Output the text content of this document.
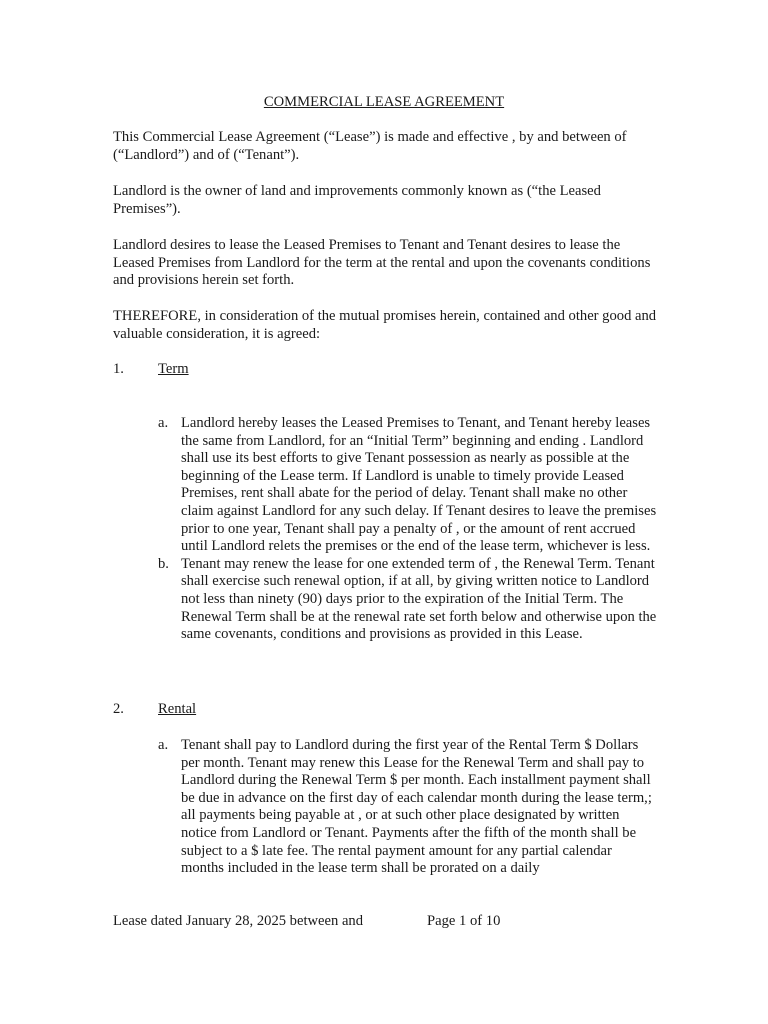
COMMERCIAL LEASE AGREEMENT

This Commercial Lease Agreement (“Lease”) is made and effective , by and between of (“Landlord”) and of (“Tenant”).

Landlord is the owner of land and improvements commonly known as (“the Leased Premises”).

Landlord desires to lease the Leased Premises to Tenant and Tenant desires to lease the Leased Premises from Landlord for the term at the rental and upon the covenants conditions and provisions herein set forth.

THEREFORE, in consideration of the mutual promises herein, contained and other good and valuable consideration, it is agreed:

1. Term
a. Landlord hereby leases the Leased Premises to Tenant, and Tenant hereby leases the same from Landlord, for an “Initial Term” beginning and ending . Landlord shall use its best efforts to give Tenant possession as nearly as possible at the beginning of the Lease term. If Landlord is unable to timely provide Leased Premises, rent shall abate for the period of delay. Tenant shall make no other claim against Landlord for any such delay. If Tenant desires to leave the premises prior to one year, Tenant shall pay a penalty of , or the amount of rent accrued until Landlord relets the premises or the end of the lease term, whichever is less.
b. Tenant may renew the lease for one extended term of , the Renewal Term. Tenant shall exercise such renewal option, if at all, by giving written notice to Landlord not less than ninety (90) days prior to the expiration of the Initial Term. The Renewal Term shall be at the renewal rate set forth below and otherwise upon the same covenants, conditions and provisions as provided in this Lease.
2. Rental
a. Tenant shall pay to Landlord during the first year of the Rental Term $ Dollars per month. Tenant may renew this Lease for the Renewal Term and shall pay to Landlord during the Renewal Term $ per month. Each installment payment shall be due in advance on the first day of each calendar month during the lease term,; all payments being payable at , or at such other place designated by written notice from Landlord or Tenant. Payments after the fifth of the month shall be subject to a $ late fee. The rental payment amount for any partial calendar months included in the lease term shall be prorated on a daily
Lease dated January 28, 2025 between and	Page 1 of 10
